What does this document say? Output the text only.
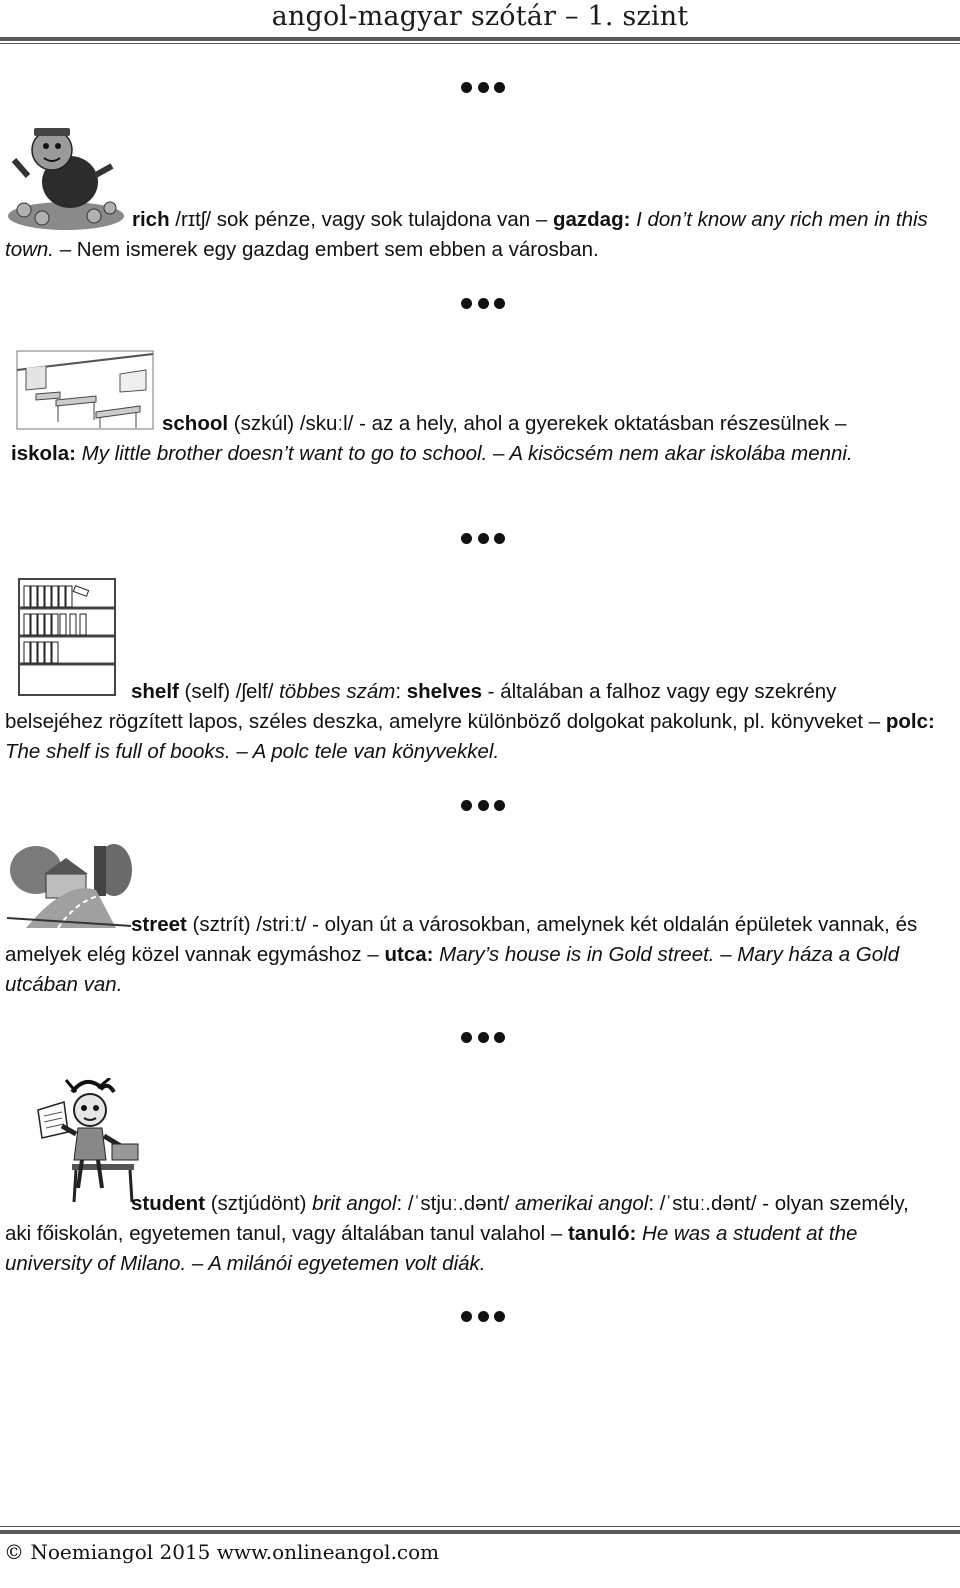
angol-magyar szótár – 1. szint

rich /rɪtʃ/ sok pénze, vagy sok tulajdona van – gazdag: I don’t know any rich men in this town. – Nem ismerek egy gazdag embert sem ebben a városban.

school (szkúl) /skuːl/ - az a hely, ahol a gyerekek oktatásban részesülnek –
iskola: My little brother doesn’t want to go to school. – A kisöcsém nem akar iskolába menni.

shelf (self) /ʃelf/ többes szám: shelves - általában a falhoz vagy egy szekrény belsejéhez rögzített lapos, széles deszka, amelyre különböző dolgokat pakolunk, pl. könyveket – polc: The shelf is full of books. – A polc tele van könyvekkel.

street (sztrít) /striːt/ - olyan út a városokban, amelynek két oldalán épületek vannak, és amelyek elég közel vannak egymáshoz – utca: Mary’s house is in Gold street. – Mary háza a Gold utcában van.

student (sztjúdönt) brit angol: /ˈstjuː.dənt/ amerikai angol: /ˈstuː.dənt/ - olyan személy, aki főiskolán, egyetemen tanul, vagy általában tanul valahol – tanuló: He was a student at the university of Milano. – A milánói egyetemen volt diák.

© Noemiangol 2015 www.onlineangol.com
